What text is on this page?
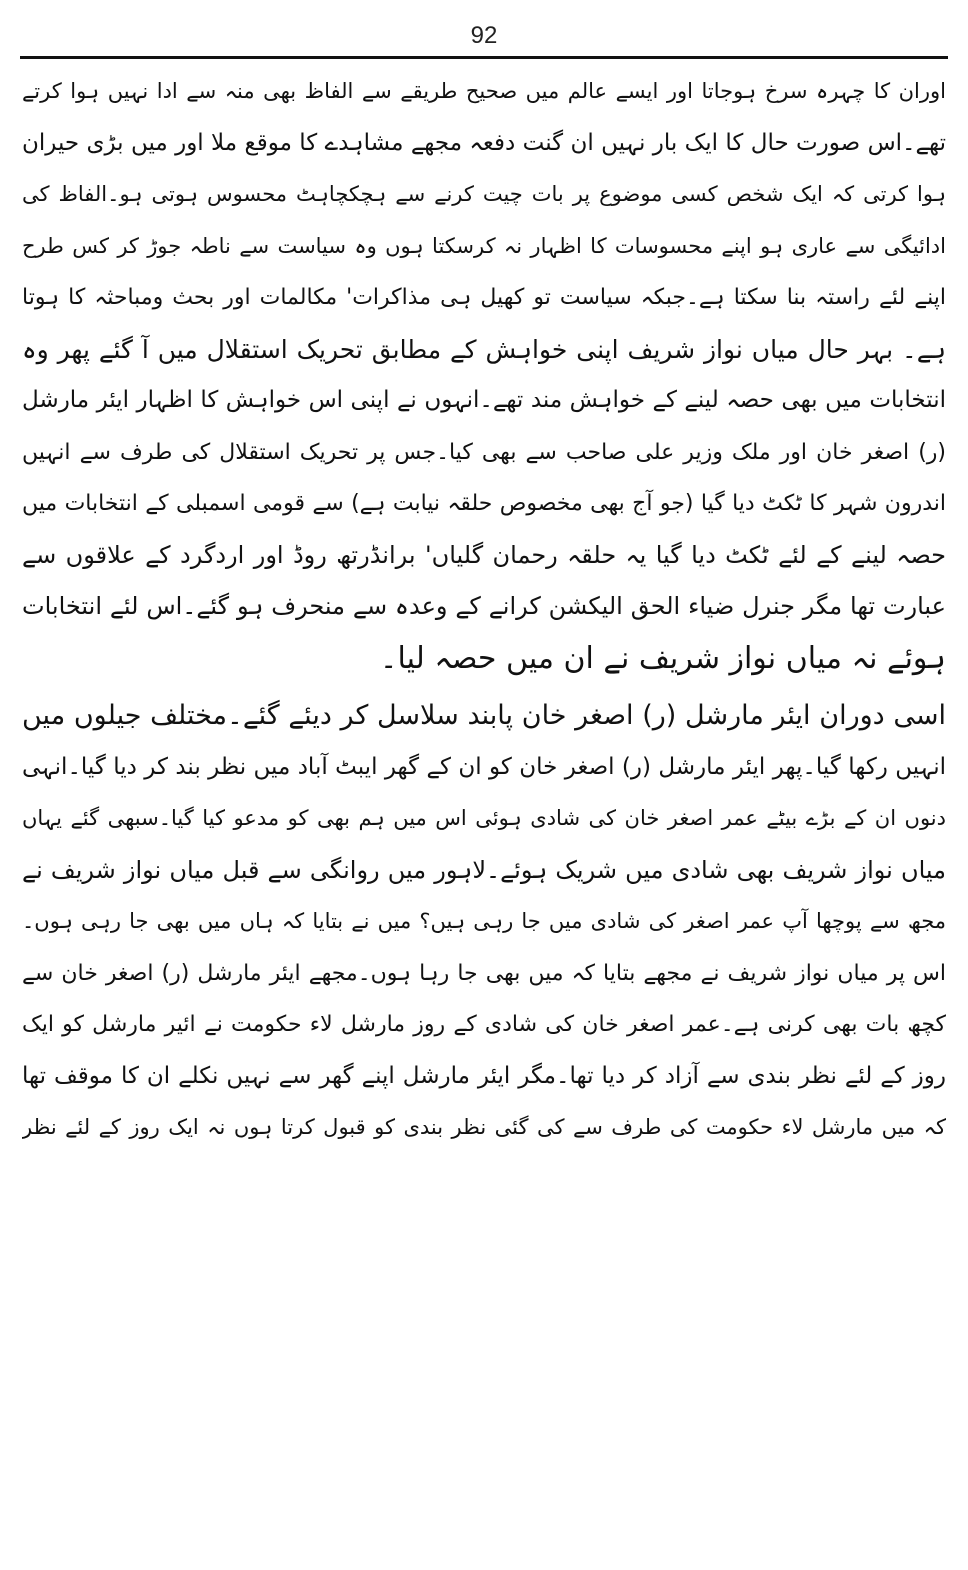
92
اوران کا چہرہ سرخ ہوجاتا اور ایسے عالم میں صحیح طریقے سے الفاظ بھی منہ سے ادا نہیں ہوا کرتے
تھے۔اس صورت حال کا ایک بار نہیں ان گنت دفعہ مجھے مشاہدے کا موقع ملا اور میں بڑی حیران
ہوا کرتی کہ ایک شخص کسی موضوع پر بات چیت کرنے سے ہچکچاہٹ محسوس ہوتی ہو۔الفاظ کی
ادائیگی سے عاری ہو اپنے محسوسات کا اظہار نہ کرسکتا ہوں وہ سیاست سے ناطہ جوڑ کر کس طرح
اپنے لئے راستہ بنا سکتا ہے۔جبکہ سیاست تو کھیل ہی مذاکرات' مکالمات اور بحث ومباحثہ کا ہوتا
ہے۔ بہر حال میاں نواز شریف اپنی خواہش کے مطابق تحریک استقلال میں آ گئے پھر وہ
انتخابات میں بھی حصہ لینے کے خواہش مند تھے۔انہوں نے اپنی اس خواہش کا اظہار ایئر مارشل
(ر) اصغر خان اور ملک وزیر علی صاحب سے بھی کیا۔جس پر تحریک استقلال کی طرف سے انہیں
اندرون شہر کا ٹکٹ دیا گیا (جو آج بھی مخصوص حلقہ نیابت ہے) سے قومی اسمبلی کے انتخابات میں
حصہ لینے کے لئے ٹکٹ دیا گیا یہ حلقہ رحمان گلیاں' برانڈرتھ روڈ اور اردگرد کے علاقوں سے
عبارت تھا مگر جنرل ضیاء الحق الیکشن کرانے کے وعدہ سے منحرف ہو گئے۔اس لئے انتخابات
ہوئے نہ میاں نواز شریف نے ان میں حصہ لیا۔
اسی دوران ایئر مارشل (ر) اصغر خان پابند سلاسل کر دیئے گئے۔مختلف جیلوں میں
انہیں رکھا گیا۔پھر ایئر مارشل (ر) اصغر خان کو ان کے گھر ایبٹ آباد میں نظر بند کر دیا گیا۔انہی
دنوں ان کے بڑے بیٹے عمر اصغر خان کی شادی ہوئی اس میں ہم بھی کو مدعو کیا گیا۔سبھی گئے یہاں
میاں نواز شریف بھی شادی میں شریک ہوئے۔لاہور میں روانگی سے قبل میاں نواز شریف نے
مجھ سے پوچھا آپ عمر اصغر کی شادی میں جا رہی ہیں؟ میں نے بتایا کہ ہاں میں بھی جا رہی ہوں۔
اس پر میاں نواز شریف نے مجھے بتایا کہ میں بھی جا رہا ہوں۔مجھے ایئر مارشل (ر) اصغر خان سے
کچھ بات بھی کرنی ہے۔عمر اصغر خان کی شادی کے روز مارشل لاء حکومت نے ائیر مارشل کو ایک
روز کے لئے نظر بندی سے آزاد کر دیا تھا۔مگر ایئر مارشل اپنے گھر سے نہیں نکلے ان کا موقف تھا
کہ میں مارشل لاء حکومت کی طرف سے کی گئی نظر بندی کو قبول کرتا ہوں نہ ایک روز کے لئے نظر
